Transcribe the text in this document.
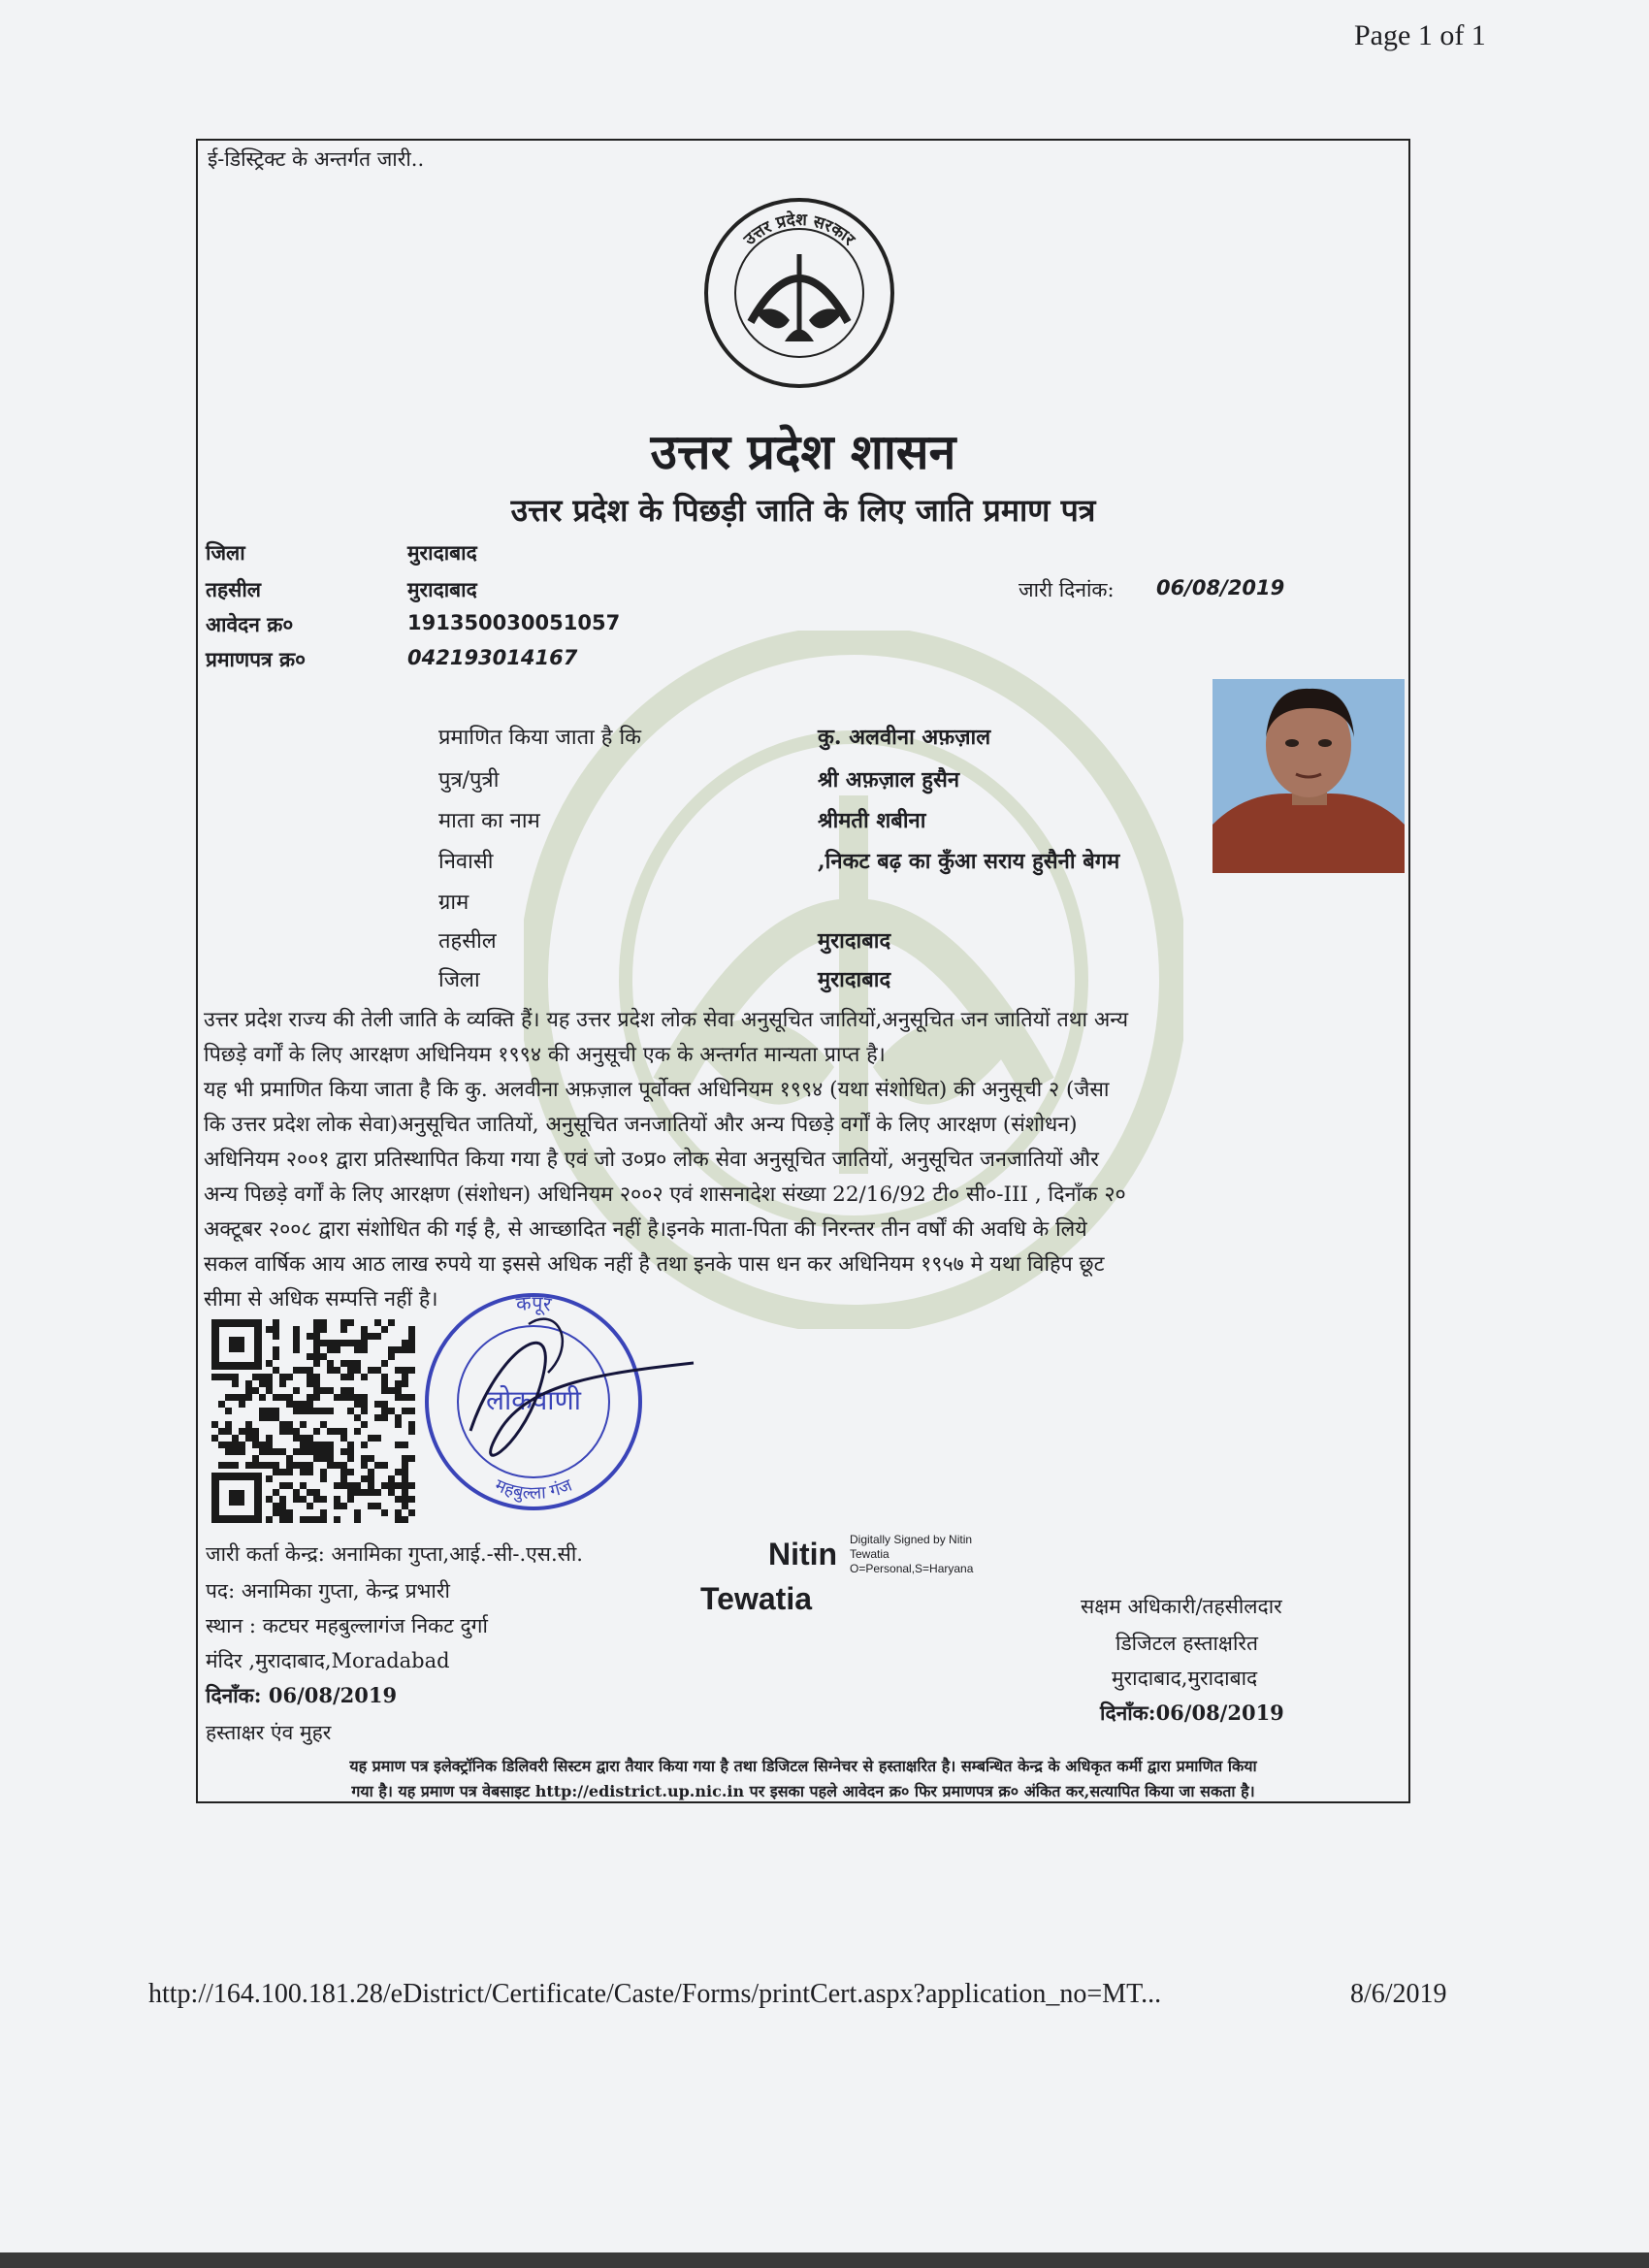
Page 1 of 1
ई-डिस्ट्रिक्ट के अन्तर्गत जारी..
उत्तर प्रदेश सरकार
उत्तर प्रदेश शासन
उत्तर प्रदेश के पिछड़ी जाति के लिए जाति प्रमाण पत्र
जिला	मुरादाबाद
तहसील	मुरादाबाद
आवेदन क्र०	191350030051057
प्रमाणपत्र क्र०	042193014167
जारी दिनांक: 06/08/2019
प्रमाणित किया जाता है कि	कु. अलवीना अफ़ज़ाल
पुत्र/पुत्री	श्री अफ़ज़ाल हुसैन
माता का नाम	श्रीमती शबीना
निवासी	,निकट बढ़ का कुँआ सराय हुसैनी बेगम
ग्राम
तहसील	मुरादाबाद
जिला	मुरादाबाद
उत्तर प्रदेश राज्य की तेली जाति के व्यक्ति हैं। यह उत्तर प्रदेश लोक सेवा अनुसूचित जातियों,अनुसूचित जन जातियों तथा अन्य
पिछड़े वर्गों के लिए आरक्षण अधिनियम १९९४ की अनुसूची एक के अन्तर्गत मान्यता प्राप्त है।
यह भी प्रमाणित किया जाता है कि कु. अलवीना अफ़ज़ाल पूर्वोक्त अधिनियम १९९४ (यथा संशोधित) की अनुसूची २ (जैसा
कि उत्तर प्रदेश लोक सेवा)अनुसूचित जातियों, अनुसूचित जनजातियों और अन्य पिछड़े वर्गों के लिए आरक्षण (संशोधन)
अधिनियम २००१ द्वारा प्रतिस्थापित किया गया है एवं जो उ०प्र० लोक सेवा अनुसूचित जातियों, अनुसूचित जनजातियों और
अन्य पिछड़े वर्गों के लिए आरक्षण (संशोधन) अधिनियम २००२ एवं शासनादेश संख्या 22/16/92 टी० सी०-III , दिनाँक २०
अक्टूबर २००८ द्वारा संशोधित की गई है, से आच्छादित नहीं है।इनके माता-पिता की निरन्तर तीन वर्षों की अवधि के लिये
सकल वार्षिक आय आठ लाख रुपये या इससे अधिक नहीं है तथा इनके पास धन कर अधिनियम १९५७ मे यथा विहिप छूट
सीमा से अधिक सम्पत्ति नहीं है।	कपूर
लोकवाणी
महबुल्ला गंज
जारी कर्ता केन्द्र: अनामिका गुप्ता,आई.-सी-.एस.सी.
पद: अनामिका गुप्ता, केन्द्र प्रभारी
स्थान : कटघर महबुल्लागंज निकट दुर्गा
मंदिर ,मुरादाबाद,Moradabad
दिनाँक: 06/08/2019
हस्ताक्षर एंव मुहर
Nitin
Tewatia
Digitally Signed by Nitin
Tewatia
O=Personal,S=Haryana
सक्षम अधिकारी/तहसीलदार
डिजिटल हस्ताक्षरित
मुरादाबाद,मुरादाबाद
दिनाँक:06/08/2019
यह प्रमाण पत्र इलेक्ट्रॉनिक डिलिवरी सिस्टम द्वारा तैयार किया गया है तथा डिजिटल सिग्नेचर से हस्ताक्षरित है। सम्बन्धित केन्द्र के अधिकृत कर्मी द्वारा प्रमाणित किया
गया है। यह प्रमाण पत्र वेबसाइट http://edistrict.up.nic.in पर इसका पहले आवेदन क्र० फिर प्रमाणपत्र क्र० अंकित कर,सत्यापित किया जा सकता है।
http://164.100.181.28/eDistrict/Certificate/Caste/Forms/printCert.aspx?application_no=MT...	8/6/2019
